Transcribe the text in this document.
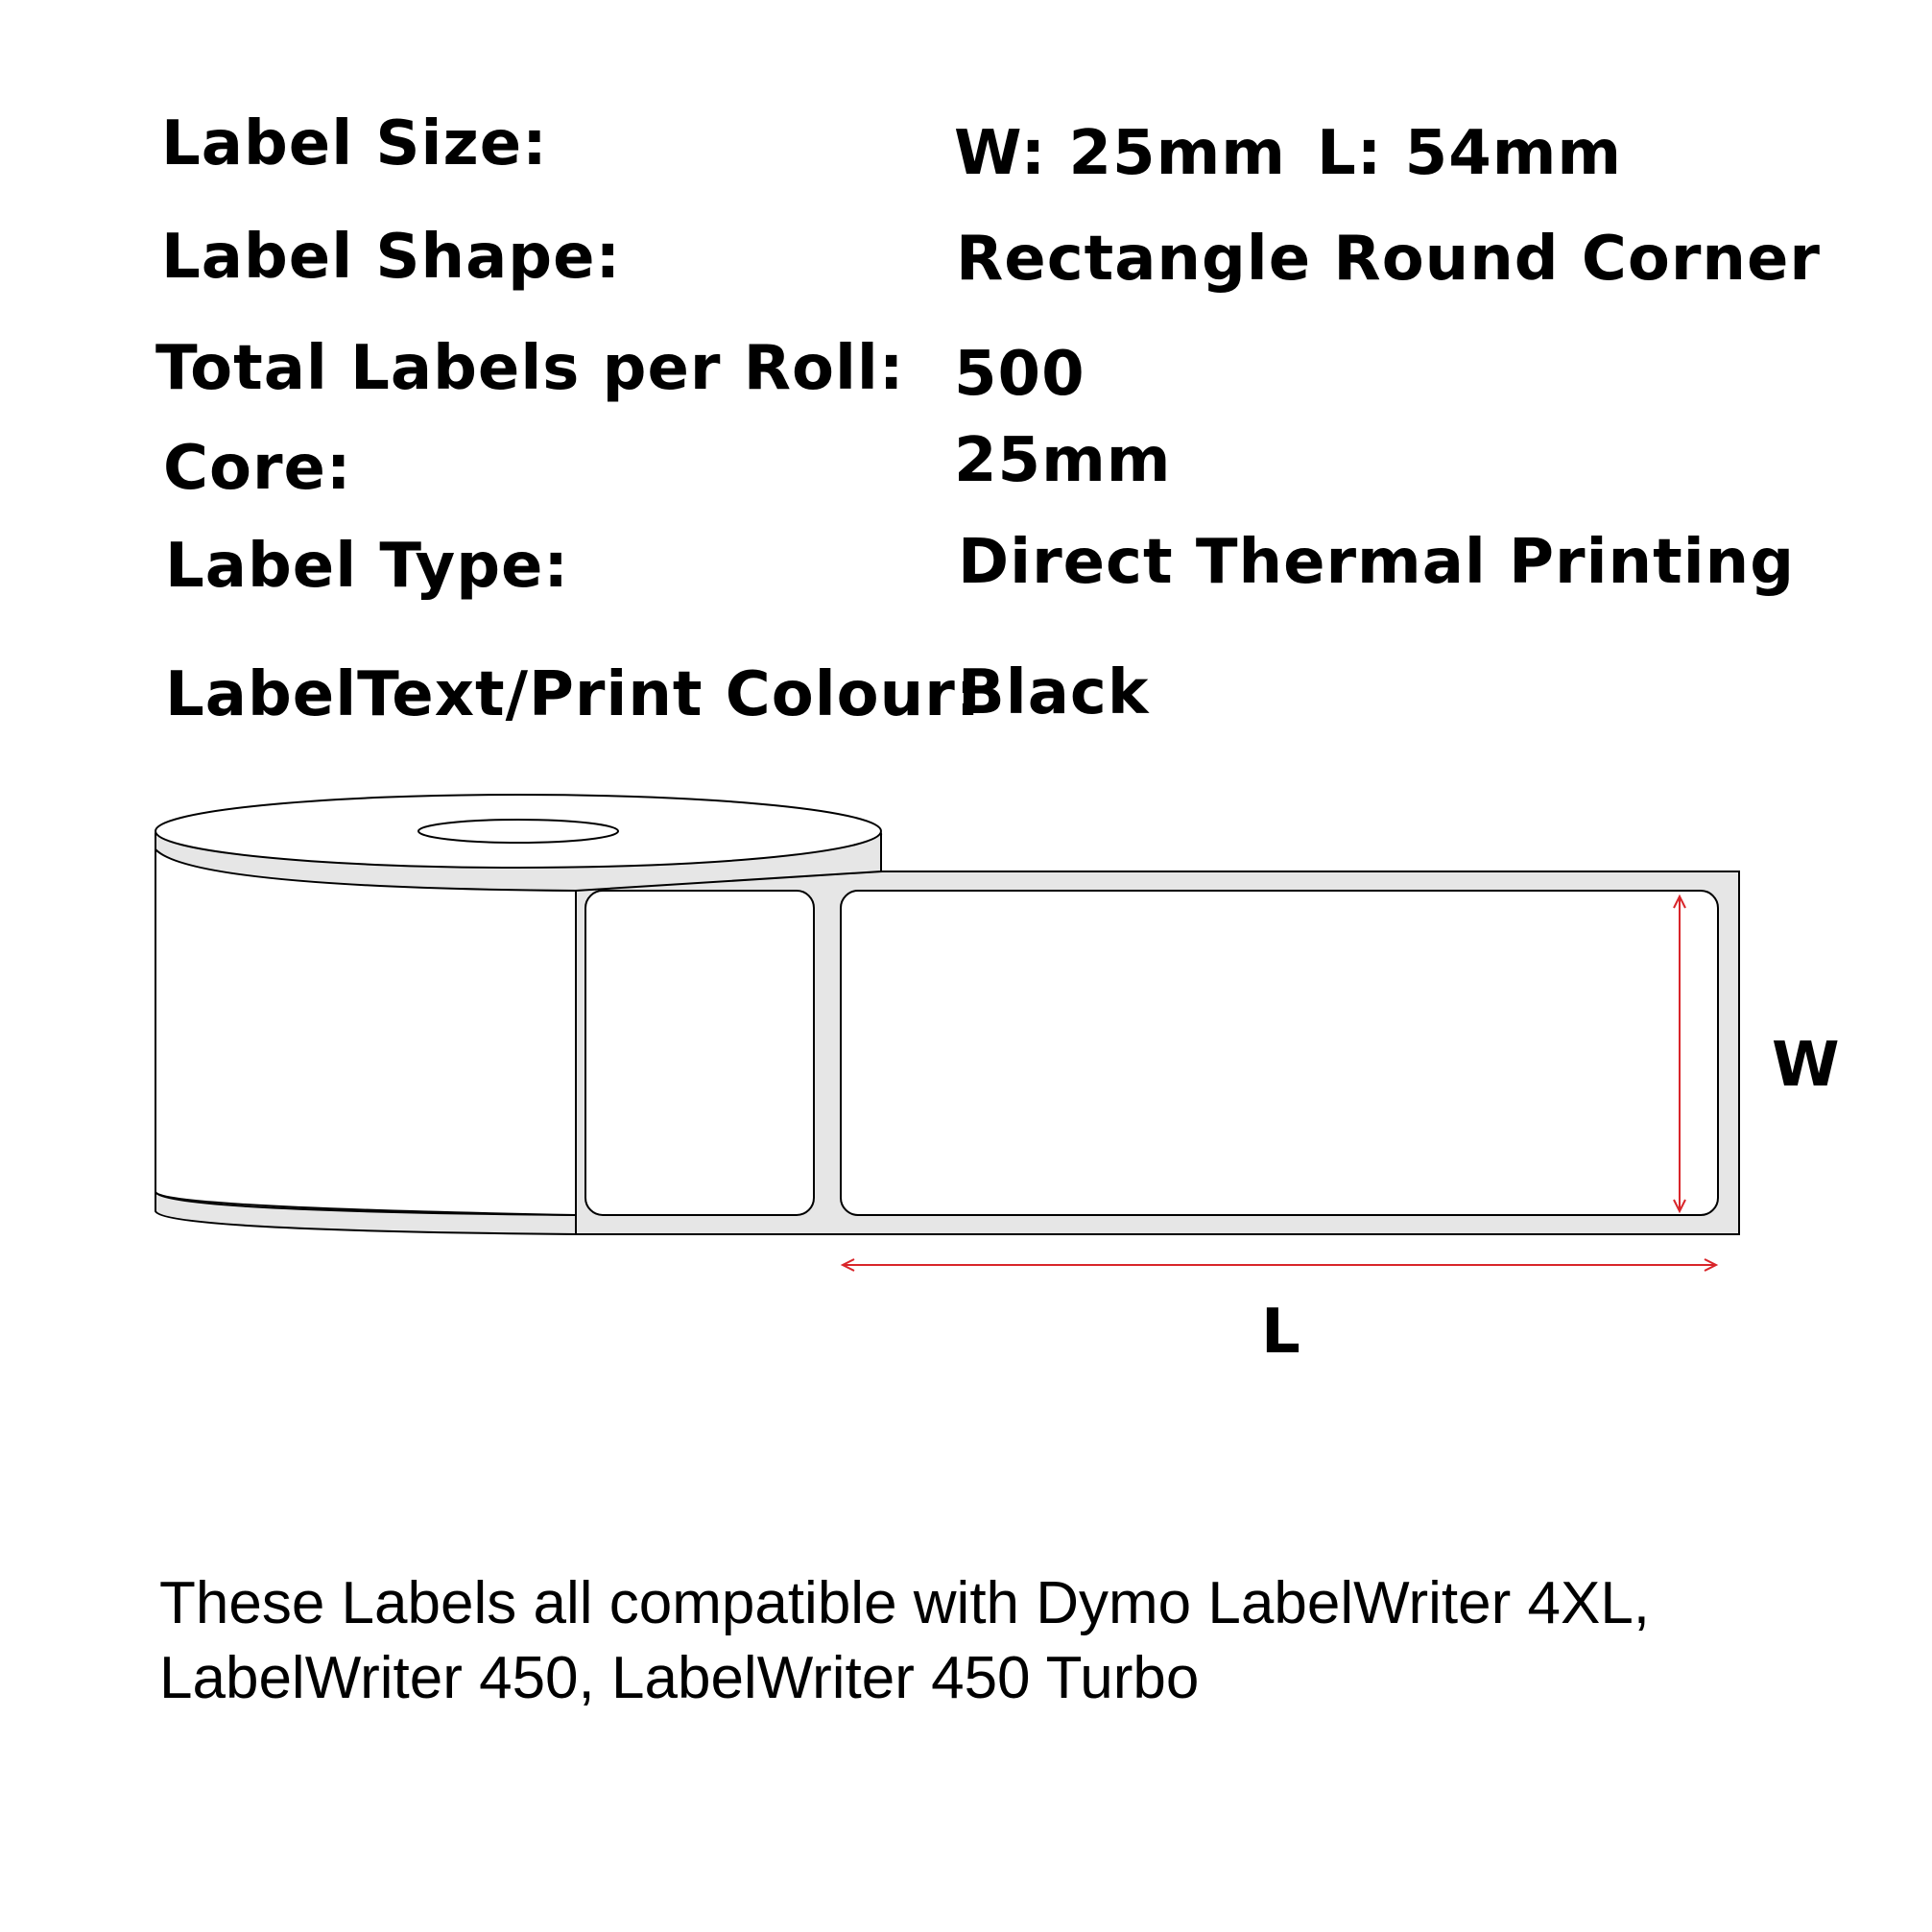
Label Size:	W: 25mm L: 54mm
Label Shape:	Rectangle Round Corner
Total Labels per Roll: 500
Core:	25mm
Label Type:	Direct Thermal Printing
LabelText/Print Colour:
Black
W
L
These Labels all compatible with Dymo LabelWriter 4XL,
LabelWriter 450, LabelWriter 450 Turbo
